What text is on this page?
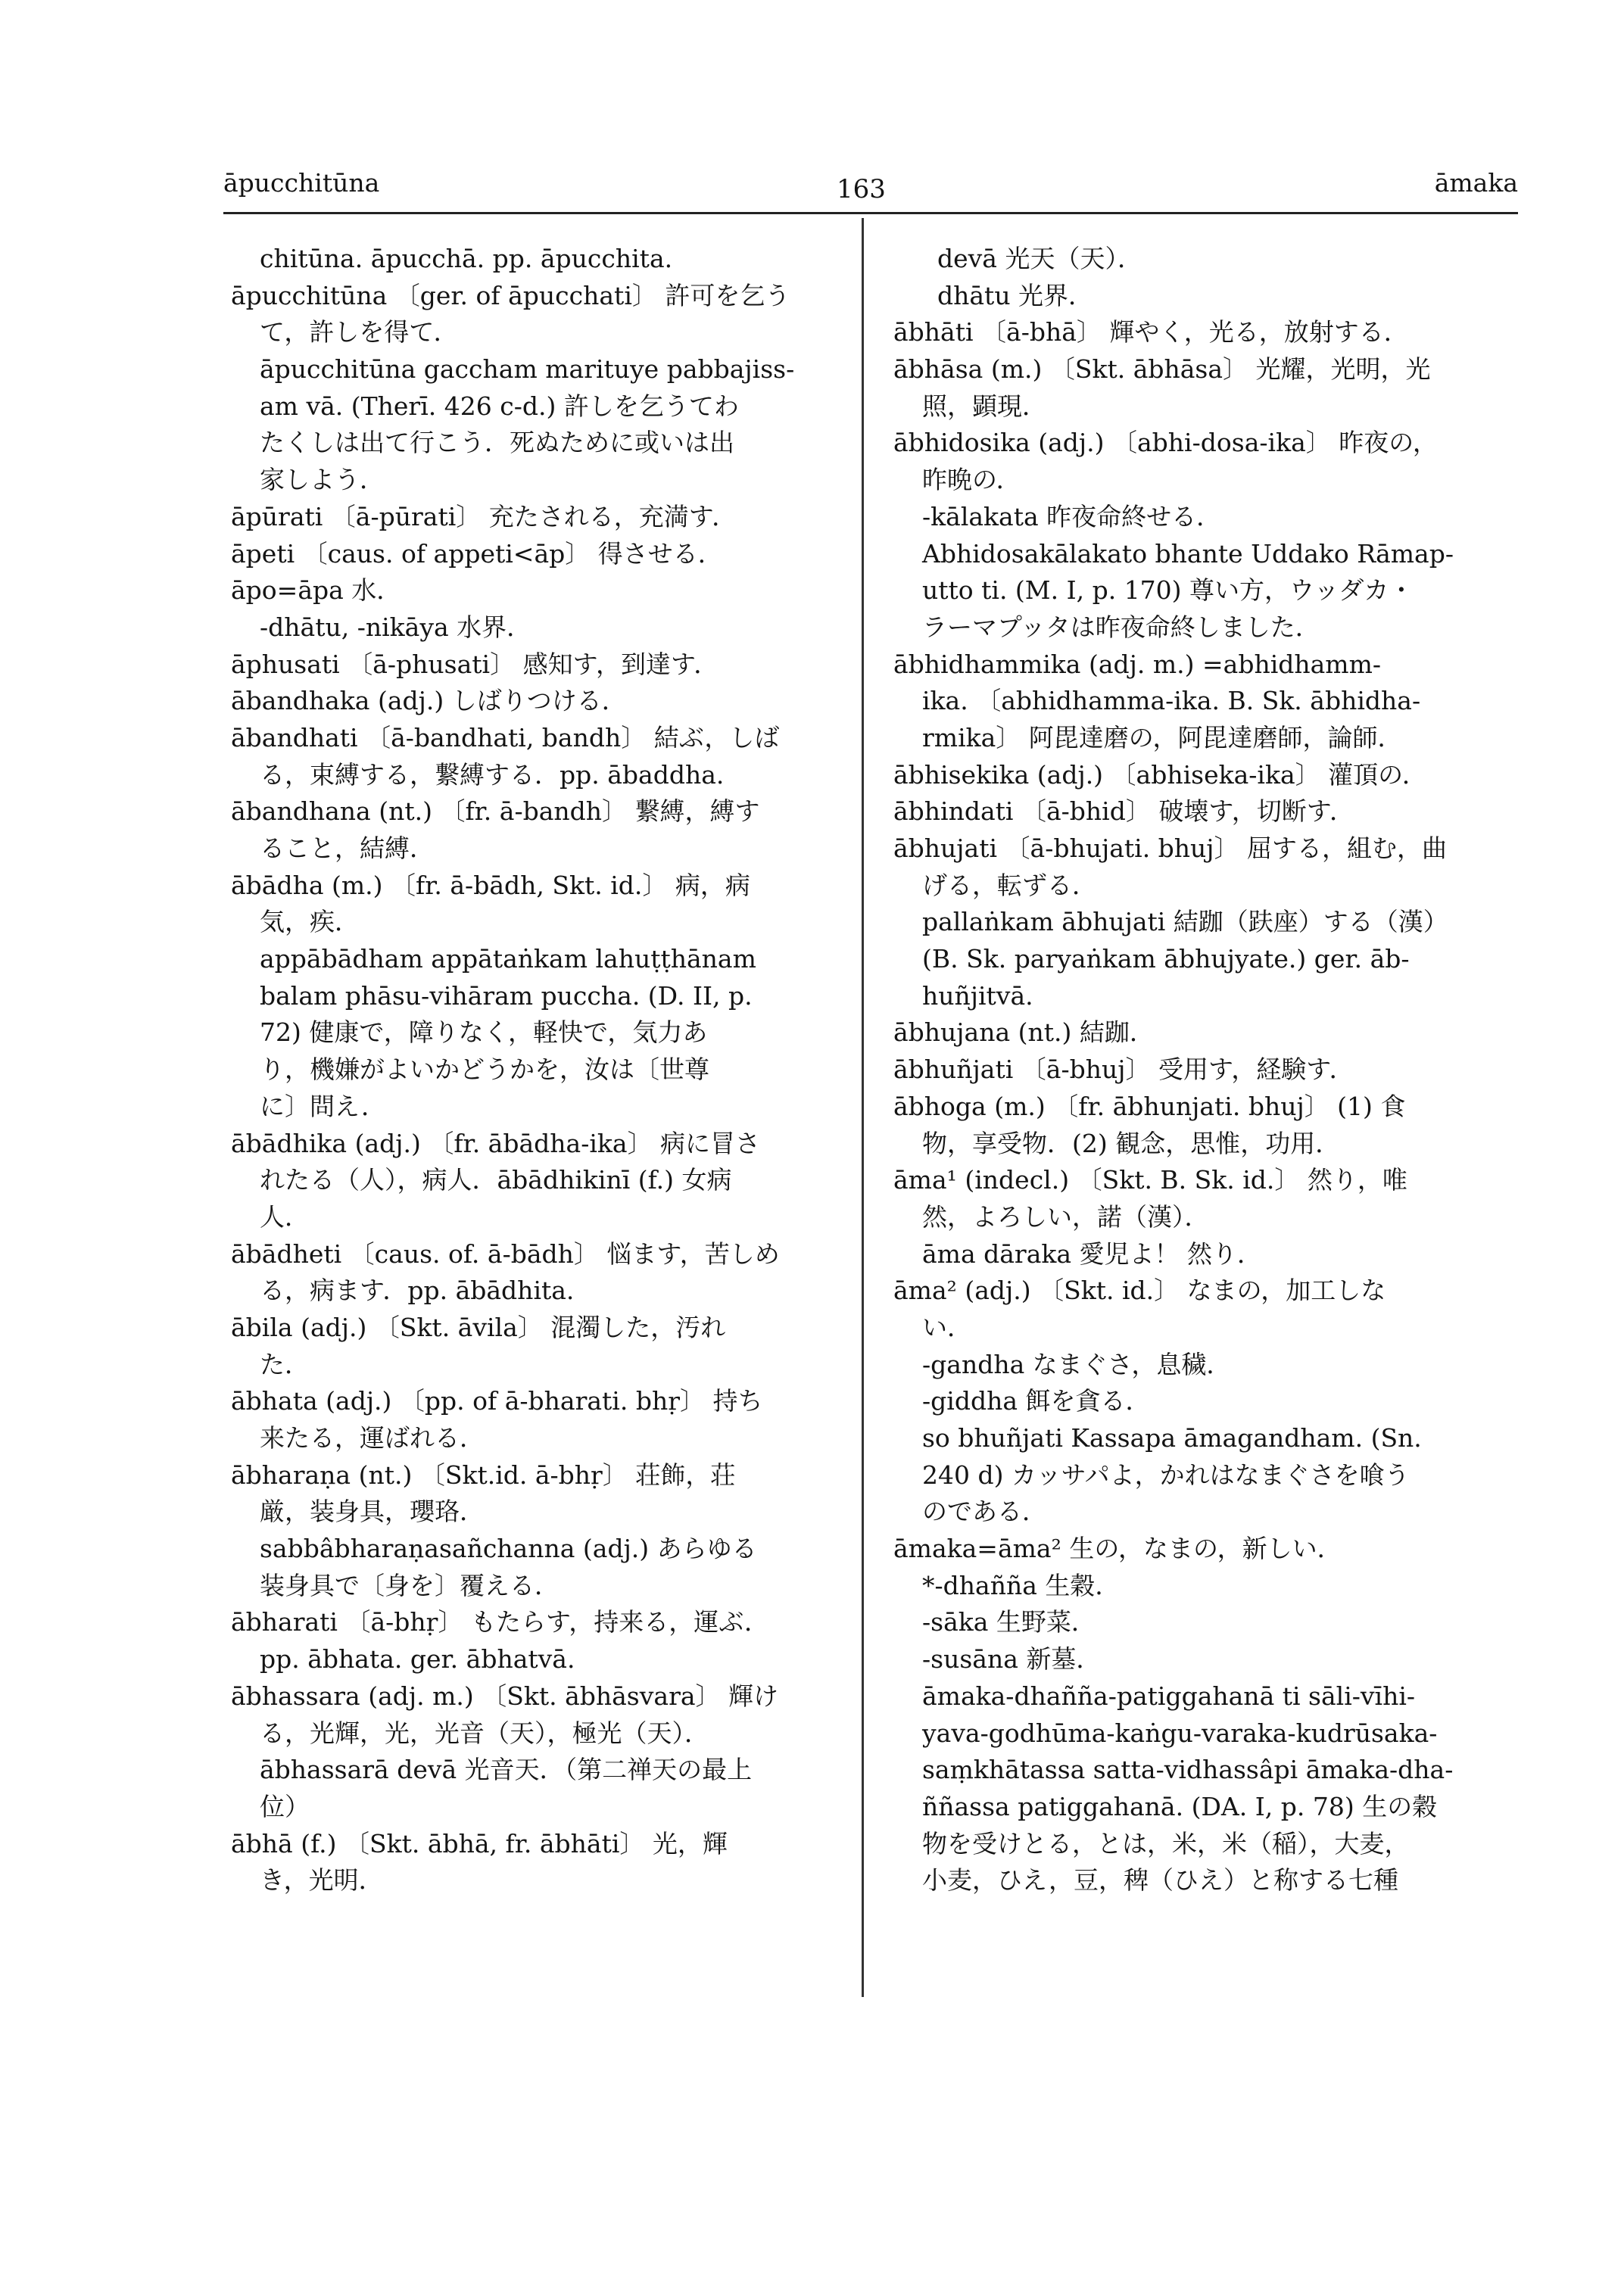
āpucchitūna	163	āmaka
chitūna. āpucchā. pp. āpucchita.
āpucchitūna 〔ger. of āpucchati〕 許可を乞う
て，許しを得て．
āpucchitūna gaccham marituye pabbajiss-
am vā. (Therī. 426 c-d.) 許しを乞うてわ
たくしは出て行こう．死ぬために或いは出
家しよう．
āpūrati 〔ā-pūrati〕 充たされる，充満す．
āpeti 〔caus. of appeti<āp〕 得させる．
āpo=āpa 水．
-dhātu, -nikāya 水界．
āphusati 〔ā-phusati〕 感知す，到達す．
ābandhaka (adj.) しばりつける．
ābandhati 〔ā-bandhati, bandh〕 結ぶ，しば
る，束縛する，繋縛する．pp. ābaddha.
ābandhana (nt.) 〔fr. ā-bandh〕 繋縛，縛す
ること，結縛．
ābādha (m.) 〔fr. ā-bādh, Skt. id.〕 病，病
気，疾．
appābādham appātaṅkam lahuṭṭhānam
balam phāsu-vihāram puccha. (D. II, p.
72) 健康で，障りなく，軽快で，気力あ
り，機嫌がよいかどうかを，汝は〔世尊
に〕問え．
ābādhika (adj.) 〔fr. ābādha-ika〕 病に冒さ
れたる（人），病人．ābādhikinī (f.) 女病
人．
ābādheti 〔caus. of. ā-bādh〕 悩ます，苦しめ
る，病ます．pp. ābādhita.
ābila (adj.) 〔Skt. āvila〕 混濁した，汚れ
た．
ābhata (adj.) 〔pp. of ā-bharati. bhṛ〕 持ち
来たる，運ばれる．
ābharaṇa (nt.) 〔Skt.id. ā-bhṛ〕 荘飾，荘
厳，装身具，瓔珞．
sabbâbharaṇasañchanna (adj.) あらゆる
装身具で〔身を〕覆える．
ābharati 〔ā-bhṛ〕 もたらす，持来る，運ぶ．
pp. ābhata. ger. ābhatvā.
ābhassara (adj. m.) 〔Skt. ābhāsvara〕 輝け
る，光輝，光，光音（天），極光（天）．
ābhassarā devā 光音天．（第二禅天の最上
位）
ābhā (f.) 〔Skt. ābhā, fr. ābhāti〕 光，輝
き，光明．
devā 光天（天）．
dhātu 光界．
ābhāti 〔ā-bhā〕 輝やく，光る，放射する．
ābhāsa (m.) 〔Skt. ābhāsa〕 光耀，光明，光
照，顕現．
ābhidosika (adj.) 〔abhi-dosa-ika〕 昨夜の，
昨晩の．
-kālakata 昨夜命終せる．
Abhidosakālakato bhante Uddako Rāmap-
utto ti. (M. I, p. 170) 尊い方，ウッダカ・
ラーマプッタは昨夜命終しました．
ābhidhammika (adj. m.) =abhidhamm-
ika. 〔abhidhamma-ika. B. Sk. ābhidha-
rmika〕 阿毘達磨の，阿毘達磨師，論師．
ābhisekika (adj.) 〔abhiseka-ika〕 灌頂の．
ābhindati 〔ā-bhid〕 破壊す，切断す．
ābhujati 〔ā-bhujati. bhuj〕 屈する，組む，曲
げる，転ずる．
pallaṅkam ābhujati 結跏（趺座）する（漢）
(B. Sk. paryaṅkam ābhujyate.) ger. āb-
huñjitvā.
ābhujana (nt.) 結跏．
ābhuñjati 〔ā-bhuj〕 受用す，経験す．
ābhoga (m.) 〔fr. ābhunjati. bhuj〕 (1) 食
物，享受物．(2) 観念，思惟，功用．
āma¹ (indecl.) 〔Skt. B. Sk. id.〕 然り，唯
然，よろしい，諾（漢）．
āma dāraka 愛児よ！ 然り．
āma² (adj.) 〔Skt. id.〕 なまの，加工しな
い．
-gandha なまぐさ，息穢．
-giddha 餌を貪る．
so bhuñjati Kassapa āmagandham. (Sn.
240 d) カッサパよ，かれはなまぐさを喰う
のである．
āmaka=āma² 生の，なまの，新しい．
*-dhañña 生穀．
-sāka 生野菜．
-susāna 新墓．
āmaka-dhañña-patiggahanā ti sāli-vīhi-
yava-godhūma-kaṅgu-varaka-kudrūsaka-
saṃkhātassa satta-vidhassâpi āmaka-dha-
ññassa patiggahanā. (DA. I, p. 78) 生の穀
物を受けとる，とは，米，米（稲），大麦，
小麦，ひえ，豆，稗（ひえ）と称する七種
